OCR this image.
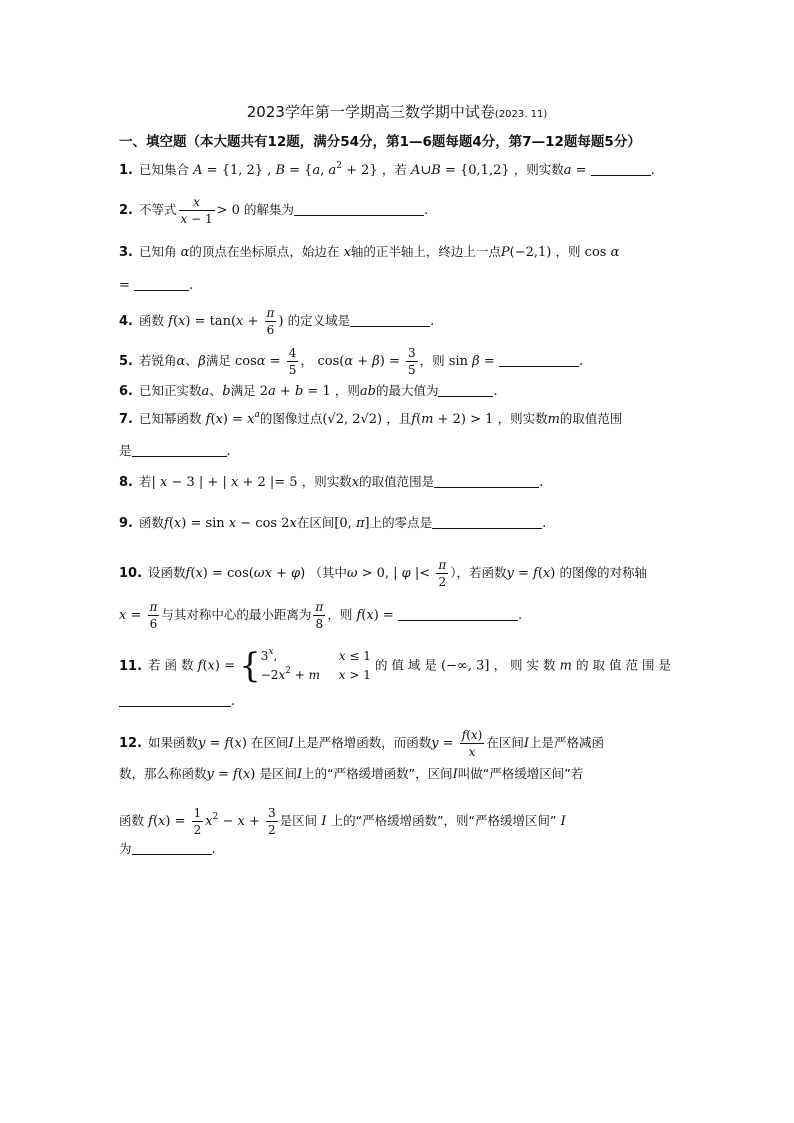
2023学年第一学期高三数学期中试卷(2023. 11)
一、填空题（本大题共有12题，满分54分，第1—6题每题4分，第7—12题每题5分）
1. 已知集合 A = {1, 2} , B = {a, $a^2 + 2$} ，若 A∪B = {0,1,2} ，则实数a =	.
2. 不等式 $\frac{x}{x - 1} > 0$ 的解集为	.
3. 已知角 α的顶点在坐标原点，始边在 x轴的正半轴上，终边上一点P(−2,1) ，则 cos α
=	.
4. 函数 $f(x) = \tan(x + \frac{\pi}{6}$ ) 的定义域是	.
5. 若锐角α、β满足 $\cos\alpha = \frac{4}{5}$ ， $\cos(\alpha + \beta) = \frac{3}{5}$ ，则 sin β =	.
6. 已知正实数a、b满足 2a + b = 1 ，则ab的最大值为	.
7. 已知幂函数 $f(x) = x^a$的图像过点(√2, 2√2) ，且f(m + 2) > 1 ，则实数m的取值范围
是	.
8. 若| x − 3 | + | x + 2 |= 5 ，则实数x的取值范围是	.
9. 函数f(x) = sin x − cos 2x在区间[0, π]上的零点是	.
10. 设函数f(x) = cos(ωx + φ) （其中ω > 0, | φ |< $\frac{\pi}{2}$ ），若函数y = f(x) 的图像的对称轴
$x = \frac{\pi}{6}$ 与其对称中心的最小距离为 $\frac{\pi}{8}$ ，则 f(x) =	.
11. 若 函 数 f(x) = { 3$^x$,	x ≤ 1
$-2x^2 + m$ x > 1
的 值 域 是 (−∞, 3] ， 则 实 数 m 的 取 值 范 围 是
.
12. 如果函数y = f(x) 在区间I上是严格增函数，而函数$y = \frac{f(x)}{x}$ 在区间I上是严格减函
数，那么称函数y = f(x) 是区间I上的“严格缓增函数”，区间I叫做“严格缓增区间”若
函数 $f(x) = \frac{1}{2} x^2 - x + \frac{3}{2}$ 是区间 I 上的“严格缓增函数”，则“严格缓增区间” I
为	.
